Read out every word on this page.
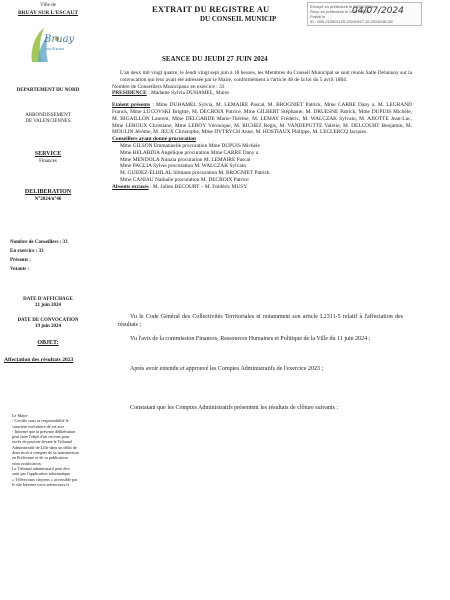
Ville de
BRUAY SUR L'ESCAUT
Bruay
sur l'Escaut
DEPARTEMENT DU NORD
ARRONDISSEMENT
DE VALENCIENNES
SERVICE
Finances
DELIBERATION
N°2024/n°46
Nombre de Conseillers : 33
En exercice : 33
Présents :
Votants :
DATE D'AFFICHAGE
21 juin 2024
DATE DE CONVOCATION
19 juin 2024
OBJET:
Affectation des résultats 2023
Le Maire
- Certifie sous sa responsabilité le
caractère exécutoire de cet acte
- Informe que la présente délibération
peut faire l'objet d'un recours pour
excès de pouvoir devant le Tribunal
Administratif de Lille dans un délai de
deux mois à compter de sa transmission
en Préfecture et de sa publication
et/ou notification.
Le Tribunal administratif peut être
saisi par l'application informatique
« Télérecours citoyens » accessible par
le site Internet www.telerecours.fr
EXTRAIT DU REGISTRE AU
DU CONSEIL MUNICIP
Envoyé en préfecture le 04/07/2024
Reçu en préfecture le 04/07/2024
Publié le
ID : 059-215901125-20240627-DL2024046-DE
04/07/2024
SEANCE DU JEUDI 27 JUIN 2024

L'an deux mil vingt quatre, le Jeudi vingt sept juin à 18 heures, les Membres du Conseil Municipal se sont réunis Salle Delannoy sur la convocation qui leur avait été adressée par le Maire, conformément à l'article 48 de la loi du 5 avril 1884.

Nombre de Conseillers Municipaux en exercice : 33

PRESIDENCE : Madame Sylvia DUHAMEL, Maire

Etaient présents : Mme DUHAMEL Sylvia, M. LEMAIRE Pascal, M. BROGNIET Patrick, Mme CARRE Dany a, M. LEGRAND Franck, Mme LUCOVSKI Brigitte, M. DECROIX Patrice, Mme GILBERT Stéphanie, M. DRUESNE Patrick, Mme DUPUIS Michèle, M. BIGAILLON Laurent, Mme DELGARDE Marie-Thérèse, M. LEMAY Frédéric, M. WALCZAK Sylvain, M. AJIOTTE Jean-Luc, Mme LEROUX Christiane, Mme LEROY Véronique, M. RICHEZ Régis, M. VANDEPUTTE Valérie, M. DELCOURT Benjamin, M. MOULIN Jérôme, M. JEUX Christophe, Mme DYTRYCH Anne, M. HOSTIAUX Philippe, M. LECLERCQ Jacques.

Conseillers ayant donné procuration

Mme GILSON Emmanuelle procuration Mme DUPUIS Michèle

Mme BELABDIA Angélique procuration Mme CARRE Dany a

Mme MENDOLA Nunzia procuration M. LEMAIRE Pascal

Mme PAGLIA Sylvie procuration M. WALCZAK Sylvain

M. GUIDEZ-ELHILAL Slimane procuration M. BROGNIET Patrick

Mme CANIAU Nathalie procuration M. DECROIX Patrice

Absents excusés : M. Julien BECOURT – M. Frédéric MUSY

Vu le Code Général des Collectivités Territoriales et notamment son article L2311-5 relatif à l'affectation des résultats ;
Vu l'avis de la commission Finances, Ressources Humaines et Politique de la Ville du 11 juin 2024 ;
Après avoir entendu et approuvé les Comptes Administratifs de l'exercice 2023 ;
Constatant que les Comptes Administratifs présentent les résultats de clôture suivants :
